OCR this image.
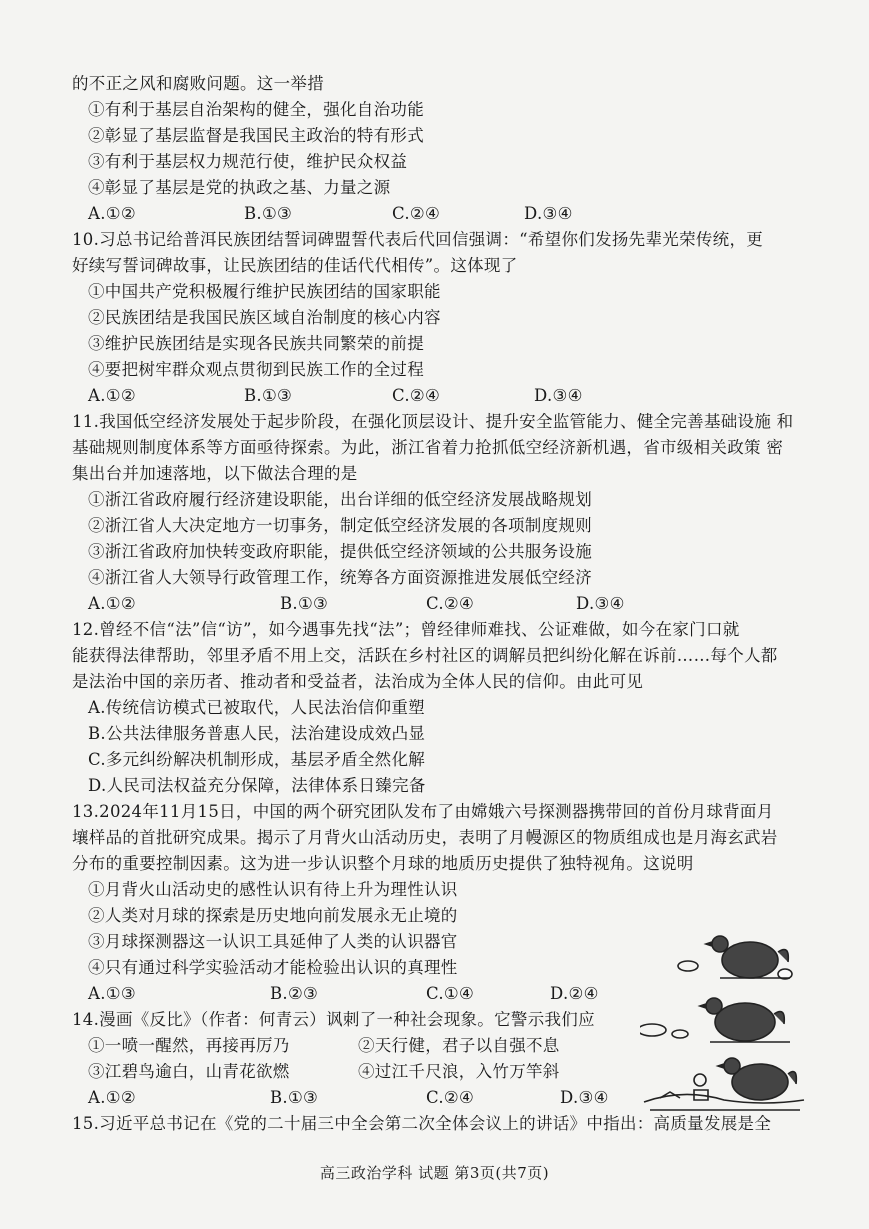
的不正之风和腐败问题。这一举措
①有利于基层自治架构的健全，强化自治功能
②彰显了基层监督是我国民主政治的特有形式
③有利于基层权力规范行使，维护民众权益
④彰显了基层是党的执政之基、力量之源
A.①②	B.①③	C.②④	D.③④
10.习总书记给普洱民族团结誓词碑盟誓代表后代回信强调：“希望你们发扬先辈光荣传统，更
好续写誓词碑故事，让民族团结的佳话代代相传”。这体现了
①中国共产党积极履行维护民族团结的国家职能
②民族团结是我国民族区域自治制度的核心内容
③维护民族团结是实现各民族共同繁荣的前提
④要把树牢群众观点贯彻到民族工作的全过程
A.①②	B.①③	C.②④	D.③④
11.我国低空经济发展处于起步阶段，在强化顶层设计、提升安全监管能力、健全完善基础设施 和
基础规则制度体系等方面亟待探索。为此，浙江省着力抢抓低空经济新机遇，省市级相关政策 密
集出台并加速落地，以下做法合理的是
①浙江省政府履行经济建设职能，出台详细的低空经济发展战略规划
②浙江省人大决定地方一切事务，制定低空经济发展的各项制度规则
③浙江省政府加快转变政府职能，提供低空经济领域的公共服务设施
④浙江省人大领导行政管理工作，统筹各方面资源推进发展低空经济
A.①②	B.①③	C.②④	D.③④
12.曾经不信“法”信“访”，如今遇事先找“法”；曾经律师难找、公证难做，如今在家门口就
能获得法律帮助，邻里矛盾不用上交，活跃在乡村社区的调解员把纠纷化解在诉前……每个人都
是法治中国的亲历者、推动者和受益者，法治成为全体人民的信仰。由此可见
A.传统信访模式已被取代，人民法治信仰重塑
B.公共法律服务普惠人民，法治建设成效凸显
C.多元纠纷解决机制形成，基层矛盾全然化解
D.人民司法权益充分保障，法律体系日臻完备
13.2024年11月15日，中国的两个研究团队发布了由嫦娥六号探测器携带回的首份月球背面月
壤样品的首批研究成果。揭示了月背火山活动历史，表明了月幔源区的物质组成也是月海玄武岩
分布的重要控制因素。这为进一步认识整个月球的地质历史提供了独特视角。这说明
①月背火山活动史的感性认识有待上升为理性认识
②人类对月球的探索是历史地向前发展永无止境的
③月球探测器这一认识工具延伸了人类的认识器官
④只有通过科学实验活动才能检验出认识的真理性
A.①③	B.②③	C.①④	D.②④
14.漫画《反比》（作者：何青云）讽刺了一种社会现象。它警示我们应
①一喷一醒然，再接再厉乃	②天行健，君子以自强不息
③江碧鸟逾白，山青花欲燃	④过江千尺浪，入竹万竿斜
A.①②	B.①③	C.②④	D.③④
15.习近平总书记在《党的二十届三中全会第二次全体会议上的讲话》中指出：高质量发展是全
高三政治学科 试题 第3页(共7页)
